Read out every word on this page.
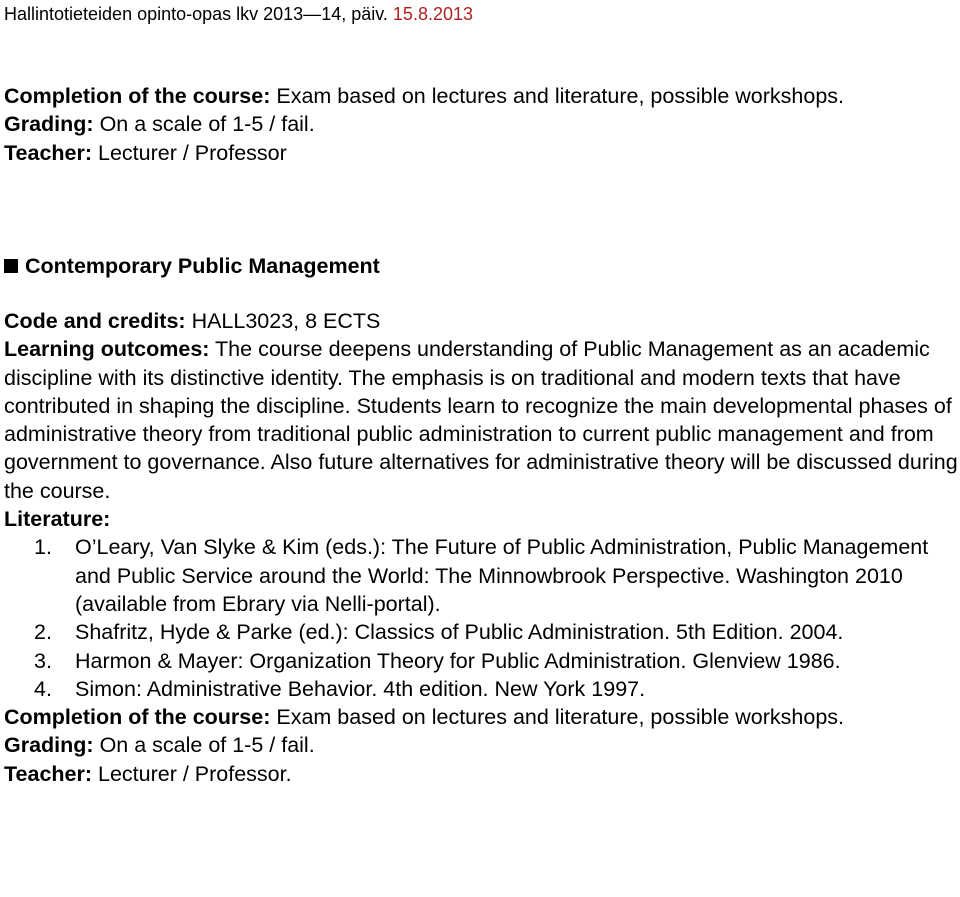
Hallintotieteiden opinto-opas lkv 2013—14, päiv. 15.8.2013

Completion of the course: Exam based on lectures and literature, possible workshops.

Grading: On a scale of 1-5 / fail.

Teacher: Lecturer / Professor

Contemporary Public Management

Code and credits: HALL3023, 8 ECTS

Learning outcomes: The course deepens understanding of Public Management as an academic discipline with its distinctive identity. The emphasis is on traditional and modern texts that have contributed in shaping the discipline. Students learn to recognize the main developmental phases of administrative theory from traditional public administration to current public management and from government to governance. Also future alternatives for administrative theory will be discussed during the course.

Literature:

1. O’Leary, Van Slyke & Kim (eds.): The Future of Public Administration, Public Management and Public Service around the World: The Minnowbrook Perspective. Washington 2010 (available from Ebrary via Nelli-portal).
2. Shafritz, Hyde & Parke (ed.): Classics of Public Administration. 5th Edition. 2004.
3. Harmon & Mayer: Organization Theory for Public Administration. Glenview 1986.
4. Simon: Administrative Behavior. 4th edition. New York 1997.

Completion of the course: Exam based on lectures and literature, possible workshops.

Grading: On a scale of 1-5 / fail.

Teacher: Lecturer / Professor.
